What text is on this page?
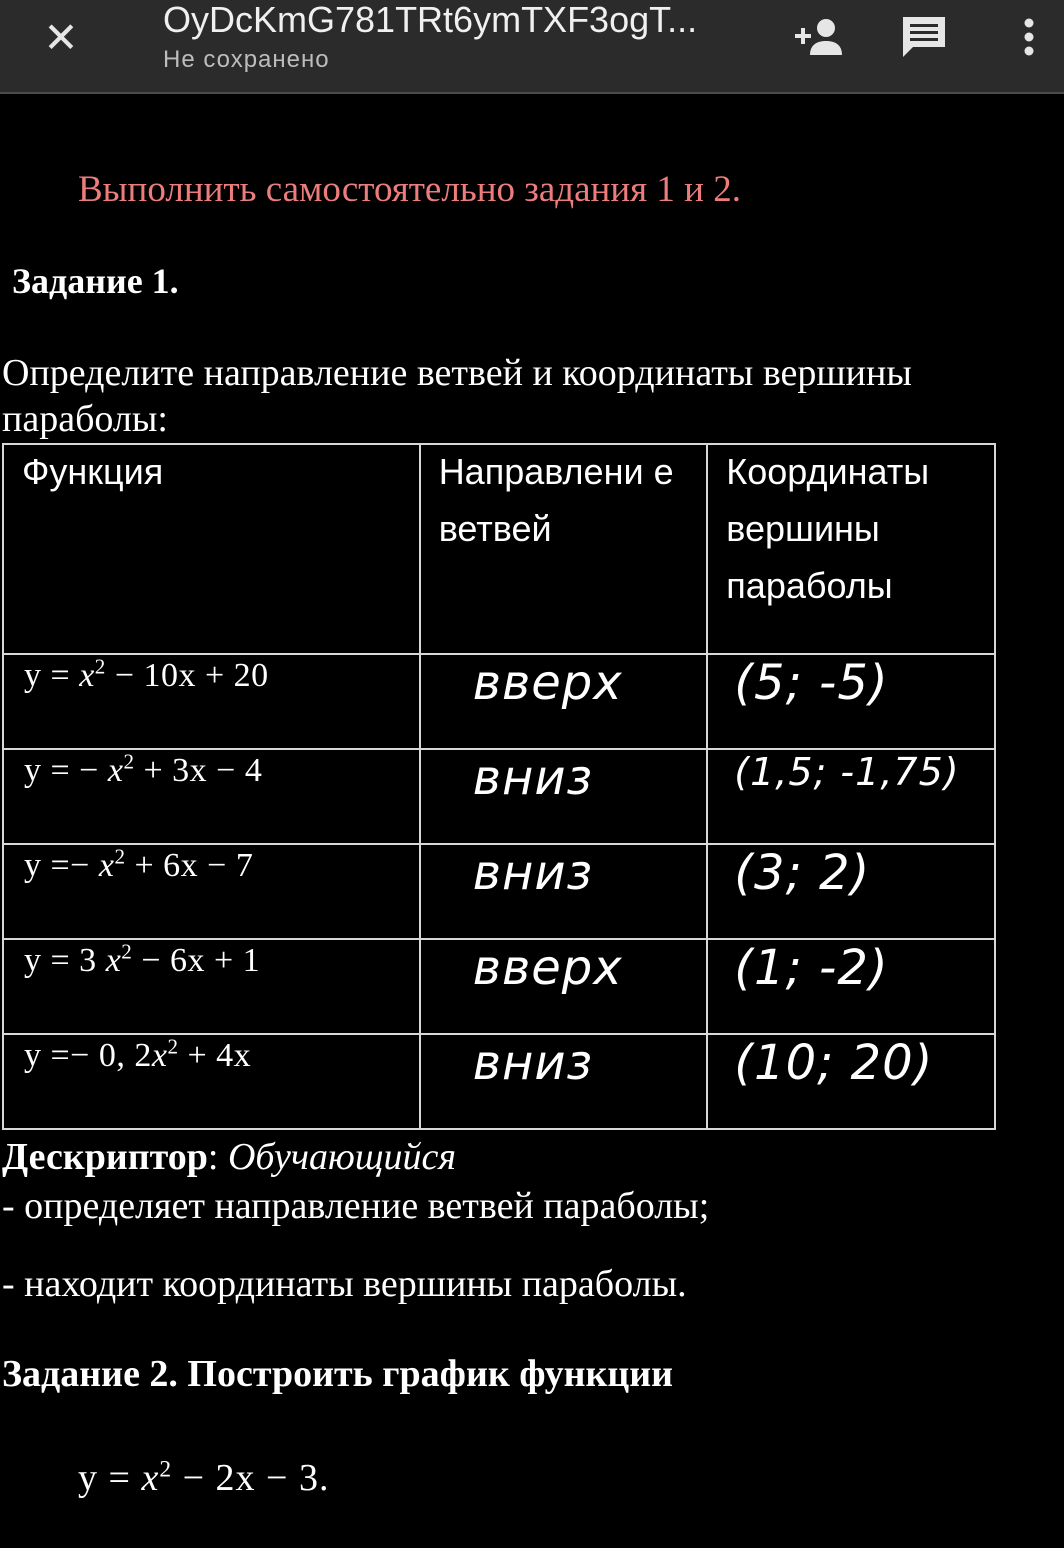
✕ OyDcKmG781TRt6ymTXF3ogT...
Не сохранено
Выполнить самостоятельно задания 1 и 2.
Задание 1.
Определите направление ветвей и координаты вершины параболы:
Функция	Направлени е ветвей	Координаты вершины параболы

$y = x^2 - 10x + 20$	вверх	(5; -5)
y = − $x^2 + 3x - 4$	вниз	(1,5; -1,75)
$y =- x^2 + 6x - 7$	вниз	(3; 2)
y = 3 $x^2 - 6x + 1$	вверх	(1; -2)
y =− 0, $2x^2 + 4x$	вниз	(10; 20)
Дескриптор: Обучающийся
- определяет направление ветвей параболы;
- находит координаты вершины параболы.
Задание 2. Построить график функции
$y = x^2 - 2x - 3$.
